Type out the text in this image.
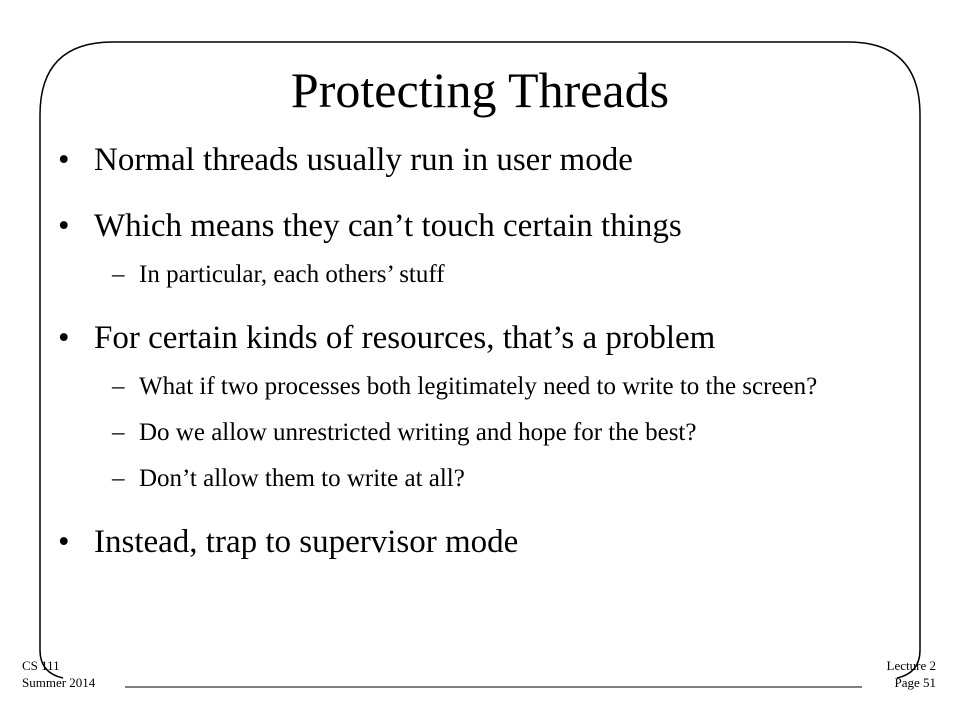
Protecting Threads
• Normal threads usually run in user mode
• Which means they can’t touch certain things
– In particular, each others’ stuff
• For certain kinds of resources, that’s a problem
– What if two processes both legitimately need to write to the screen?
– Do we allow unrestricted writing and hope for the best?
– Don’t allow them to write at all?
• Instead, trap to supervisor mode
CS 111
Summer 2014
Lecture 2
Page 51
